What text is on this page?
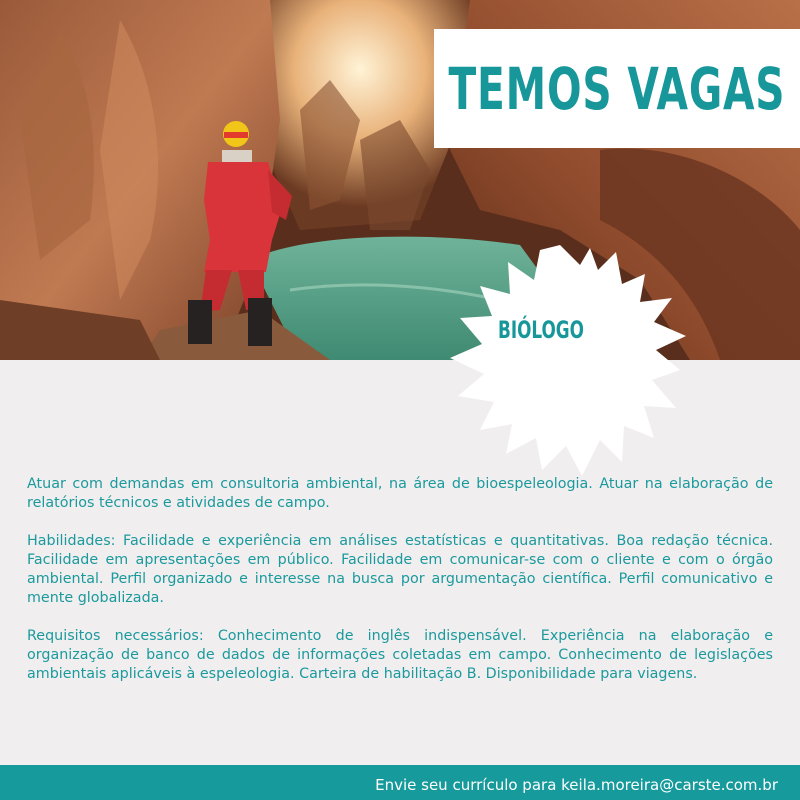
TEMOS VAGAS
BIÓLOGO

Atuar com demandas em consultoria ambiental, na área de bioespeleologia. Atuar na elaboração de relatórios técnicos e atividades de campo.

Habilidades: Facilidade e experiência em análises estatísticas e quantitativas. Boa redação técnica. Facilidade em apresentações em público. Facilidade em comunicar-se com o cliente e com o órgão ambiental. Perfil organizado e interesse na busca por argumentação científica. Perfil comunicativo e mente globalizada.

Requisitos necessários: Conhecimento de inglês indispensável. Experiência na elaboração e organização de banco de dados de informações coletadas em campo. Conhecimento de legislações ambientais aplicáveis à espeleologia. Carteira de habilitação B. Disponibilidade para viagens.

Envie seu currículo para keila.moreira@carste.com.br
